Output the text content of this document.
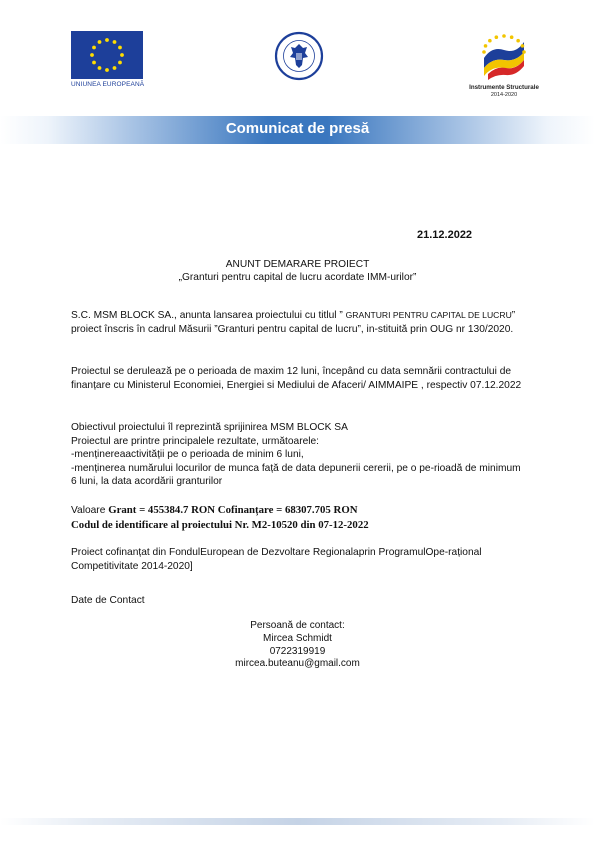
UNIUNEA EUROPEANĂ	Instrumente Structurale
2014-2020
Comunicat de presă
21.12.2022
ANUNT DEMARARE PROIECT
„Granturi pentru capital de lucru acordate IMM-urilor”
S.C. MSM BLOCK SA., anunta lansarea proiectului cu titlul ” GRANTURI PENTRU CAPITAL DE LUCRU” proiect înscris în cadrul Măsurii ”Granturi pentru capital de lucru”, in-stituită prin OUG nr 130/2020.
Proiectul se derulează pe o perioada de maxim 12 luni, începând cu data semnării contractului de finanțare cu Ministerul Economiei, Energiei si Mediului de Afaceri/ AIMMAIPE , respectiv 07.12.2022
Obiectivul proiectului îl reprezintă sprijinirea MSM BLOCK SA
Proiectul are printre principalele rezultate, următoarele:
-menținereaactivității pe o perioada de minim 6 luni,
-menținerea numărului locurilor de munca față de data depunerii cererii, pe o pe-rioadă de minimum 6 luni, la data acordării granturilor
Valoare Grant = 455384.7 RON Cofinanțare = 68307.705 RON
Codul de identificare al proiectului Nr. M2-10520 din 07-12-2022
Proiect cofinanțat din FondulEuropean de Dezvoltare Regionalaprin ProgramulOpe-rațional Competitivitate 2014-2020]
Date de Contact
Persoană de contact:
Mircea Schmidt
0722319919
mircea.buteanu@gmail.com
